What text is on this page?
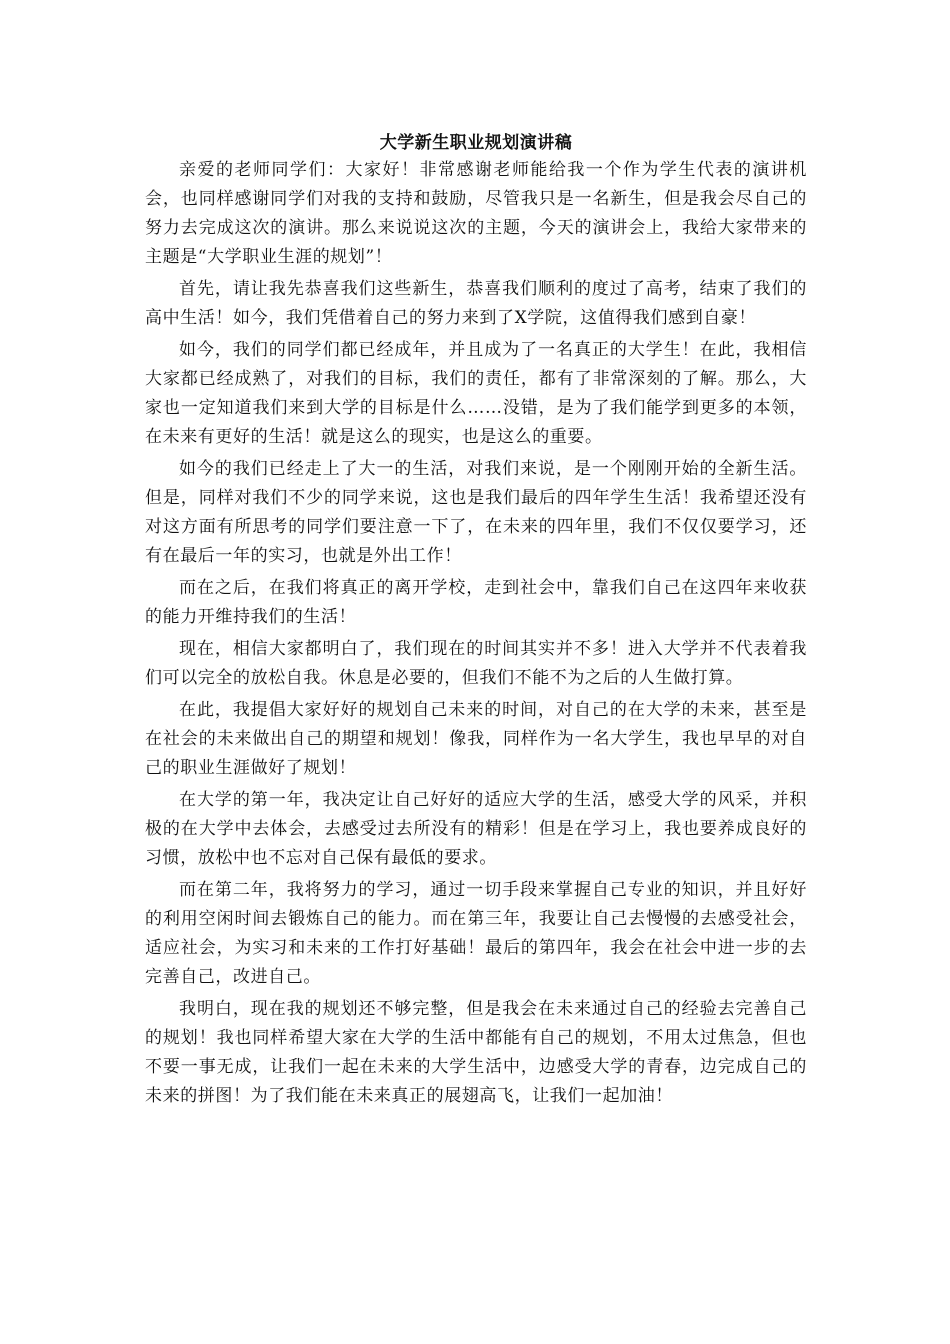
大学新生职业规划演讲稿

亲爱的老师同学们：大家好！非常感谢老师能给我一个作为学生代表的演讲机会，也同样感谢同学们对我的支持和鼓励，尽管我只是一名新生，但是我会尽自己的努力去完成这次的演讲。那么来说说这次的主题，今天的演讲会上，我给大家带来的主题是“大学职业生涯的规划”！

首先，请让我先恭喜我们这些新生，恭喜我们顺利的度过了高考，结束了我们的高中生活！如今，我们凭借着自己的努力来到了X学院，这值得我们感到自豪！

如今，我们的同学们都已经成年，并且成为了一名真正的大学生！在此，我相信大家都已经成熟了，对我们的目标，我们的责任，都有了非常深刻的了解。那么，大家也一定知道我们来到大学的目标是什么……没错，是为了我们能学到更多的本领，在未来有更好的生活！就是这么的现实，也是这么的重要。

如今的我们已经走上了大一的生活，对我们来说，是一个刚刚开始的全新生活。但是，同样对我们不少的同学来说，这也是我们最后的四年学生生活！我希望还没有对这方面有所思考的同学们要注意一下了，在未来的四年里，我们不仅仅要学习，还有在最后一年的实习，也就是外出工作！

而在之后，在我们将真正的离开学校，走到社会中，靠我们自己在这四年来收获的能力开维持我们的生活！

现在，相信大家都明白了，我们现在的时间其实并不多！进入大学并不代表着我们可以完全的放松自我。休息是必要的，但我们不能不为之后的人生做打算。

在此，我提倡大家好好的规划自己未来的时间，对自己的在大学的未来，甚至是在社会的未来做出自己的期望和规划！像我，同样作为一名大学生，我也早早的对自己的职业生涯做好了规划！

在大学的第一年，我决定让自己好好的适应大学的生活，感受大学的风采，并积极的在大学中去体会，去感受过去所没有的精彩！但是在学习上，我也要养成良好的习惯，放松中也不忘对自己保有最低的要求。

而在第二年，我将努力的学习，通过一切手段来掌握自己专业的知识，并且好好的利用空闲时间去锻炼自己的能力。而在第三年，我要让自己去慢慢的去感受社会，适应社会，为实习和未来的工作打好基础！最后的第四年，我会在社会中进一步的去完善自己，改进自己。

我明白，现在我的规划还不够完整，但是我会在未来通过自己的经验去完善自己的规划！我也同样希望大家在大学的生活中都能有自己的规划，不用太过焦急，但也不要一事无成，让我们一起在未来的大学生活中，边感受大学的青春，边完成自己的未来的拼图！为了我们能在未来真正的展翅高飞，让我们一起加油！
